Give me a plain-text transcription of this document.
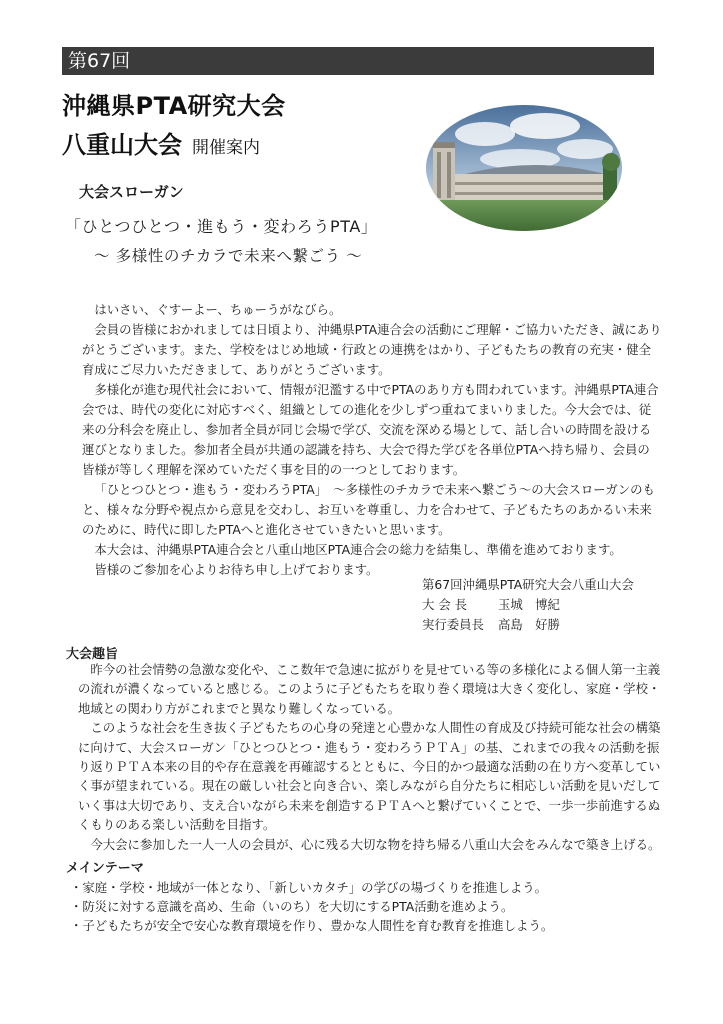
第67回
沖縄県PTA研究大会
八重山大会 開催案内
大会スローガン
「ひとつひとつ・進もう・変わろうPTA」
～ 多様性のチカラで未来へ繋ごう ～

はいさい、ぐすーよー、ちゅーうがなびら。

会員の皆様におかれましては日頃より、沖縄県PTA連合会の活動にご理解・ご協力いただき、誠にありがとうございます。また、学校をはじめ地域・行政との連携をはかり、子どもたちの教育の充実・健全育成にご尽力いただきまして、ありがとうございます。

多様化が進む現代社会において、情報が氾濫する中でPTAのあり方も問われています。沖縄県PTA連合会では、時代の変化に対応すべく、組織としての進化を少しずつ重ねてまいりました。今大会では、従来の分科会を廃止し、参加者全員が同じ会場で学び、交流を深める場として、話し合いの時間を設ける運びとなりました。参加者全員が共通の認識を持ち、大会で得た学びを各単位PTAへ持ち帰り、会員の皆様が等しく理解を深めていただく事を目的の一つとしております。

「ひとつひとつ・進もう・変わろうPTA」　～多様性のチカラで未来へ繋ごう～の大会スローガンのもと、様々な分野や視点から意見を交わし、お互いを尊重し、力を合わせて、子どもたちのあかるい未来のために、時代に即したPTAへと進化させていきたいと思います。

本大会は、沖縄県PTA連合会と八重山地区PTA連合会の総力を結集し、準備を進めております。

皆様のご参加を心よりお待ち申し上げております。

第67回沖縄県PTA研究大会八重山大会
大 会 長 玉城　博紀
実行委員長 高島　好勝
大会趣旨

昨今の社会情勢の急激な変化や、ここ数年で急速に拡がりを見せている等の多様化による個人第一主義の流れが濃くなっていると感じる。このように子どもたちを取り巻く環境は大きく変化し、家庭・学校・地域との関わり方がこれまでと異なり難しくなっている。

このような社会を生き抜く子どもたちの心身の発達と心豊かな人間性の育成及び持続可能な社会の構築に向けて、大会スローガン「ひとつひとつ・進もう・変わろうＰＴＡ」の基、これまでの我々の活動を振り返りＰＴＡ本来の目的や存在意義を再確認するとともに、今日的かつ最適な活動の在り方へ変革していく事が望まれている。現在の厳しい社会と向き合い、楽しみながら自分たちに相応しい活動を見いだしていく事は大切であり、支え合いながら未来を創造するＰＴＡへと繋げていくことで、一歩一歩前進するぬくもりのある楽しい活動を目指す。

今大会に参加した一人一人の会員が、心に残る大切な物を持ち帰る八重山大会をみんなで築き上げる。

メインテーマ
・ 家庭・学校・地域が一体となり、「新しいカタチ」の学びの場づくりを推進しよう。
・ 防災に対する意識を高め、生命（いのち）を大切にするPTA活動を進めよう。
・ 子どもたちが安全で安心な教育環境を作り、豊かな人間性を育む教育を推進しよう。
